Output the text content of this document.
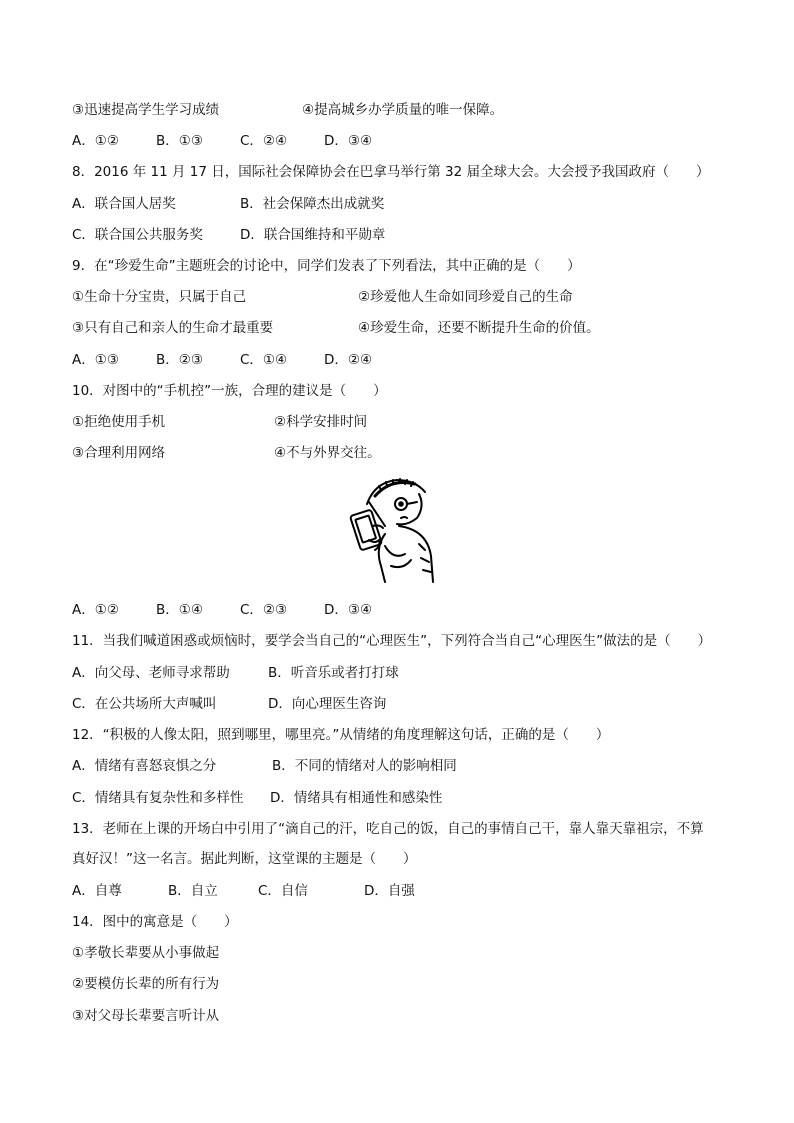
③迅速提高学生学习成绩	④提高城乡办学质量的唯一保障。
A．①②	B．①③	C．②④	D．③④
8．2016 年 11 月 17 日，国际社会保障协会在巴拿马举行第 32 届全球大会。大会授予我国政府（　　）
A．联合国人居奖	B．社会保障杰出成就奖
C．联合国公共服务奖	D．联合国维持和平勋章
9．在“珍爱生命”主题班会的讨论中，同学们发表了下列看法，其中正确的是（　　）
①生命十分宝贵，只属于自己	②珍爱他人生命如同珍爱自己的生命
③只有自己和亲人的生命才最重要	④珍爱生命，还要不断提升生命的价值。
A．①③	B．②③	C．①④	D．②④
10．对图中的“手机控”一族，合理的建议是（　　）
①拒绝使用手机	②科学安排时间
③合理利用网络	④不与外界交往。
A．①②	B．①④	C．②③	D．③④
11．当我们喊道困惑或烦恼时，要学会当自己的“心理医生”，下列符合当自己“心理医生”做法的是（　　）
A．向父母、老师寻求帮助	B．听音乐或者打打球
C．在公共场所大声喊叫	D．向心理医生咨询
12．“积极的人像太阳，照到哪里，哪里亮。”从情绪的角度理解这句话，正确的是（　　）
A．情绪有喜怒哀惧之分	B．不同的情绪对人的影响相同
C．情绪具有复杂性和多样性 D．情绪具有相通性和感染性
13．老师在上课的开场白中引用了“滴自己的汗，吃自己的饭，自己的事情自己干，靠人靠天靠祖宗，不算
真好汉！”这一名言。据此判断，这堂课的主题是（　　）
A．自尊	B．自立	C．自信	D．自强
14．图中的寓意是（　　）
①孝敬长辈要从小事做起
②要模仿长辈的所有行为
③对父母长辈要言听计从
